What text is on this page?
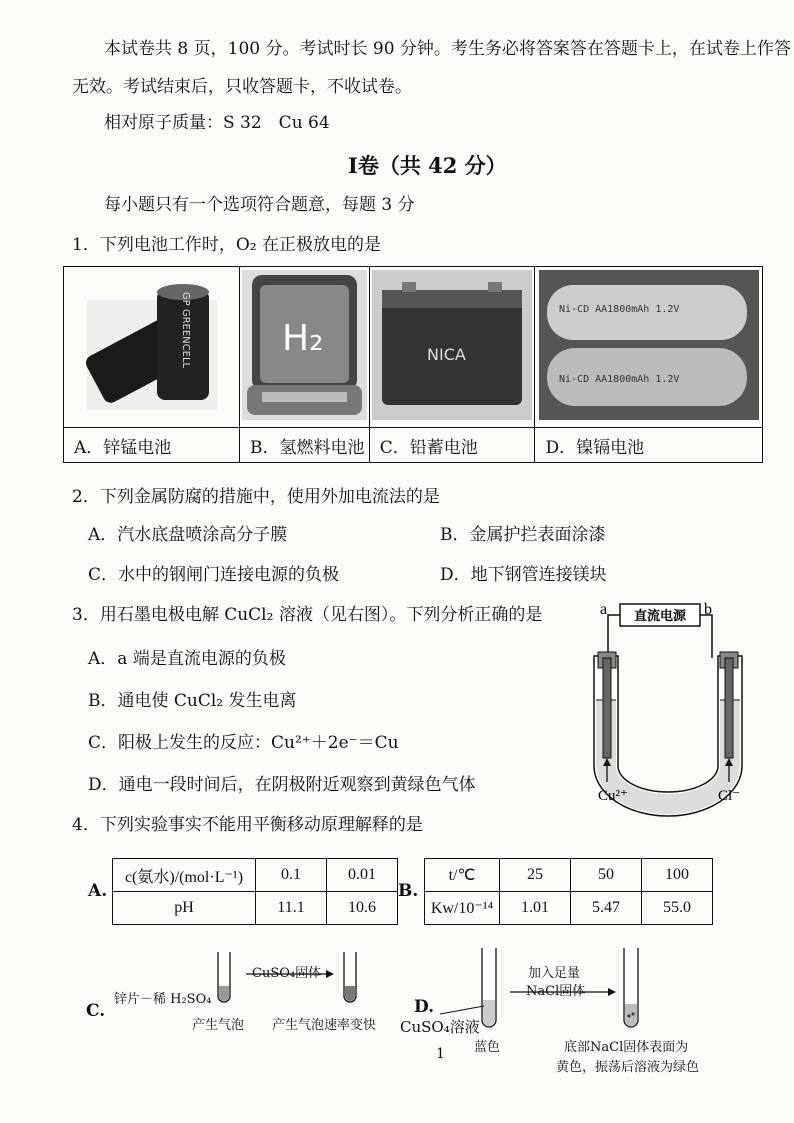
本试卷共 8 页，100 分。考试时长 90 分钟。考生务必将答案答在答题卡上，在试卷上作答
无效。考试结束后，只收答题卡，不收试卷。
相对原子质量：S 32　Cu 64
I卷（共 42 分）
每小题只有一个选项符合题意，每题 3 分
1．下列电池工作时，O₂ 在正极放电的是
GP GREENCELL	H₂	NICA	Ni-CD AA1800mAh 1.2V
Ni-CD AA1800mAh 1.2V

A．锌锰电池	B．氢燃料电池	C．铅蓄电池	D．镍镉电池
2．下列金属防腐的措施中，使用外加电流法的是
A．汽水底盘喷涂高分子膜	B．金属护拦表面涂漆
C．水中的钢闸门连接电源的负极	D．地下钢管连接镁块
3．用石墨电极电解 CuCl₂ 溶液（见右图）。下列分析正确的是
A．a 端是直流电源的负极
B．通电使 CuCl₂ 发生电离
C．阳极上发生的反应：Cu²⁺＋2e⁻＝Cu
D．通电一段时间后，在阴极附近观察到黄绿色气体
a	b
直流电源
Cu²⁺	Cl⁻
4．下列实验事实不能用平衡移动原理解释的是
A.
c(氨水)/(mol·L⁻¹)	0.1	0.01
pH	11.1	10.6
B.
t/℃	25	50	100
Kw/10⁻¹⁴	1.01	5.47	55.0
C.
锌片－稀 H₂SO₄
CuSO₄固体
产生气泡 产生气泡速率变快
D.
加入足量
NaCl固体
CuSO₄溶液
蓝色	底部NaCl固体表面为
黄色，振荡后溶液为绿色
1
